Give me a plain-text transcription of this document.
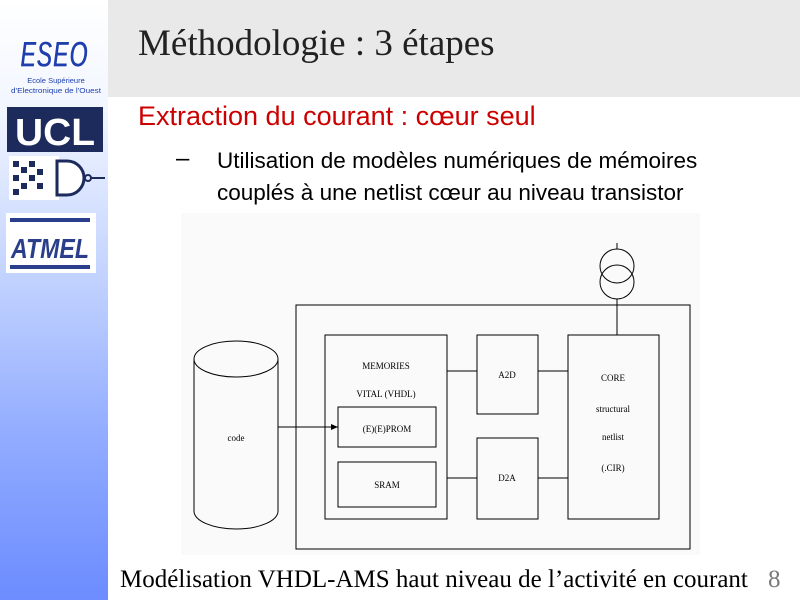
ESEO
Ecole Supérieure
d'Electronique de l'Ouest
UCL
ATMEL
Méthodologie : 3 étapes
Extraction du courant : cœur seul
– Utilisation de modèles numériques de mémoires
couplés à une netlist cœur au niveau transistor
code
MEMORIES
VITAL (VHDL)
(E)(E)PROM
SRAM
A2D
D2A
CORE
structural
netlist
(.CIR)
Modélisation VHDL-AMS haut niveau de l’activité en courant 8
